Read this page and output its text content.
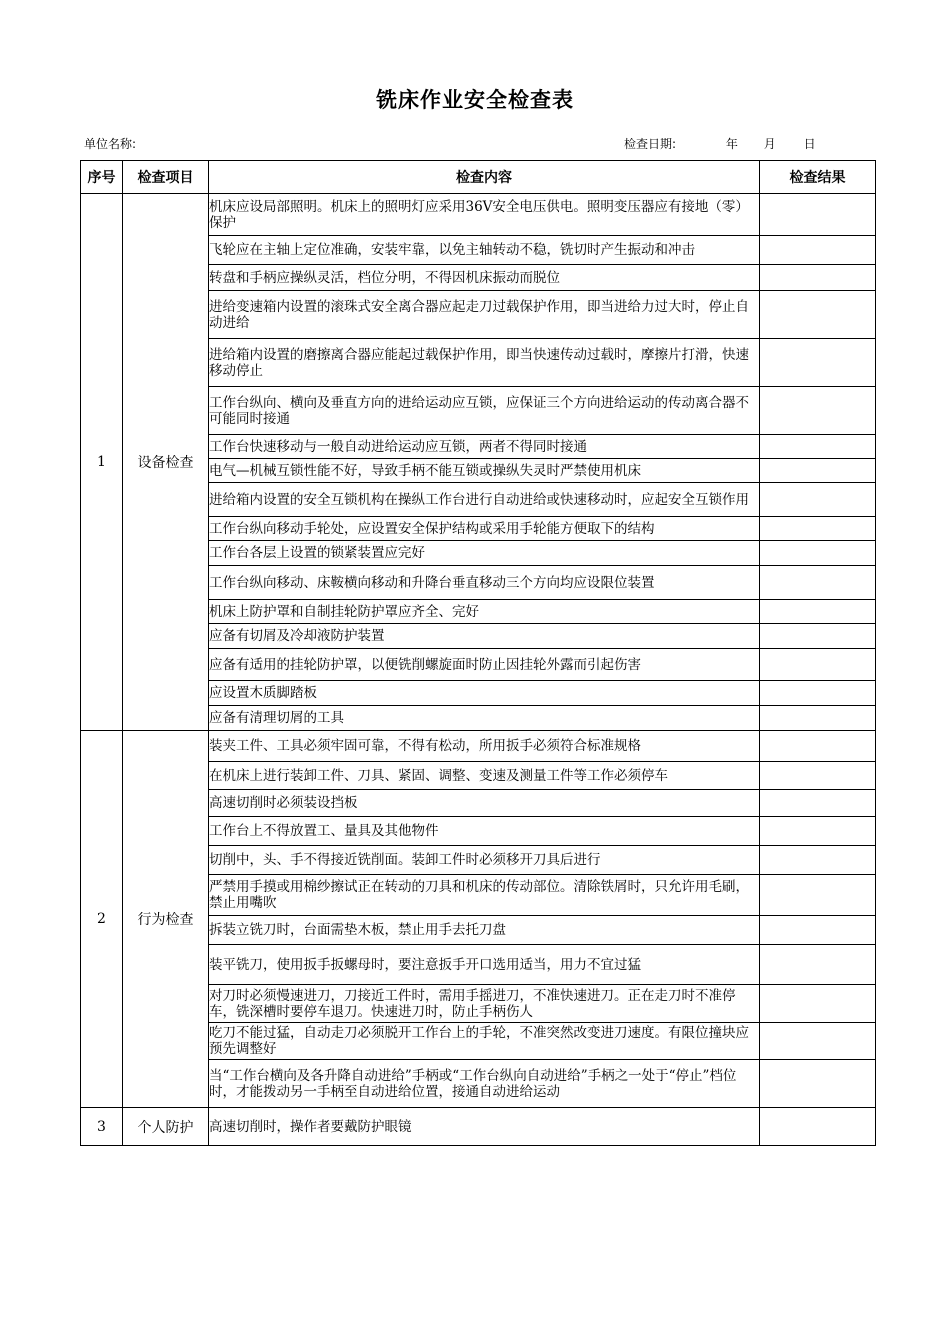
铣床作业安全检查表
单位名称:	检查日期:	年 月 日
序号	检查项目	检查内容	检查结果
1	设备检查	机床应设局部照明。机床上的照明灯应采用36V安全电压供电。照明变压器应有接地（零）保护	
		飞轮应在主轴上定位准确，安装牢靠，以免主轴转动不稳，铣切时产生振动和冲击	
		转盘和手柄应操纵灵活，档位分明，不得因机床振动而脱位	
		进给变速箱内设置的滚珠式安全离合器应起走刀过载保护作用，即当进给力过大时，停止自动进给	
		进给箱内设置的磨擦离合器应能起过载保护作用，即当快速传动过载时，摩擦片打滑，快速移动停止	
		工作台纵向、横向及垂直方向的进给运动应互锁，应保证三个方向进给运动的传动离合器不可能同时接通	
		工作台快速移动与一般自动进给运动应互锁，两者不得同时接通	
		电气—机械互锁性能不好，导致手柄不能互锁或操纵失灵时严禁使用机床	
		进给箱内设置的安全互锁机构在操纵工作台进行自动进给或快速移动时，应起安全互锁作用	
		工作台纵向移动手轮处，应设置安全保护结构或采用手轮能方便取下的结构	
		工作台各层上设置的锁紧装置应完好	
		工作台纵向移动、床鞍横向移动和升降台垂直移动三个方向均应设限位装置	
		机床上防护罩和自制挂轮防护罩应齐全、完好	
		应备有切屑及冷却液防护装置	
		应备有适用的挂轮防护罩，以便铣削螺旋面时防止因挂轮外露而引起伤害	
		应设置木质脚踏板	
		应备有清理切屑的工具	
2	行为检查	装夹工件、工具必须牢固可靠，不得有松动，所用扳手必须符合标准规格	
		在机床上进行装卸工件、刀具、紧固、调整、变速及测量工件等工作必须停车	
		高速切削时必须装设挡板	
		工作台上不得放置工、量具及其他物件	
		切削中，头、手不得接近铣削面。装卸工件时必须移开刀具后进行	
		严禁用手摸或用棉纱擦试正在转动的刀具和机床的传动部位。清除铁屑时，只允许用毛刷，禁止用嘴吹	
		拆装立铣刀时，台面需垫木板，禁止用手去托刀盘	
		装平铣刀，使用扳手扳螺母时，要注意扳手开口选用适当，用力不宜过猛	
		对刀时必须慢速进刀，刀接近工件时，需用手摇进刀，不准快速进刀。正在走刀时不准停车，铣深槽时要停车退刀。快速进刀时，防止手柄伤人	
		吃刀不能过猛，自动走刀必须脱开工作台上的手轮，不准突然改变进刀速度。有限位撞块应预先调整好	
		当“工作台横向及各升降自动进给”手柄或“工作台纵向自动进给”手柄之一处于“停止”档位时，才能拨动另一手柄至自动进给位置，接通自动进给运动	
3	个人防护	高速切削时，操作者要戴防护眼镜	
